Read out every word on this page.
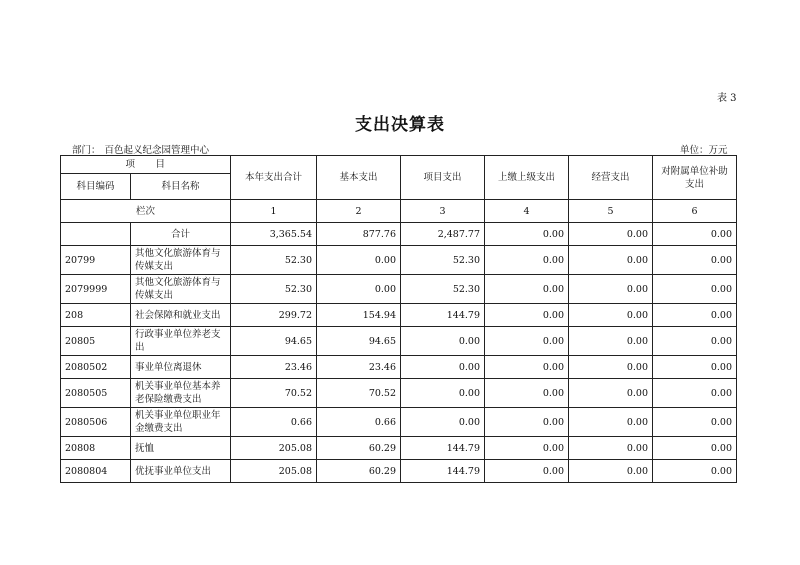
表 3
支出决算表
部门： 百色起义纪念园管理中心	单位：万元
项　　目		本年支出合计	基本支出	项目支出	上缴上级支出	经营支出	对附属单位补助支出
科目编码	科目名称						
栏次		1	2	3	4	5	6
	合计	3,365.54	877.76	2,487.77	0.00	0.00	0.00
20799	其他文化旅游体育与传媒支出	52.30	0.00	52.30	0.00	0.00	0.00
2079999	其他文化旅游体育与传媒支出	52.30	0.00	52.30	0.00	0.00	0.00
208	社会保障和就业支出	299.72	154.94	144.79	0.00	0.00	0.00
20805	行政事业单位养老支出	94.65	94.65	0.00	0.00	0.00	0.00
2080502	事业单位离退休	23.46	23.46	0.00	0.00	0.00	0.00
2080505	机关事业单位基本养老保险缴费支出	70.52	70.52	0.00	0.00	0.00	0.00
2080506	机关事业单位职业年金缴费支出	0.66	0.66	0.00	0.00	0.00	0.00
20808	抚恤	205.08	60.29	144.79	0.00	0.00	0.00
2080804	优抚事业单位支出	205.08	60.29	144.79	0.00	0.00	0.00
